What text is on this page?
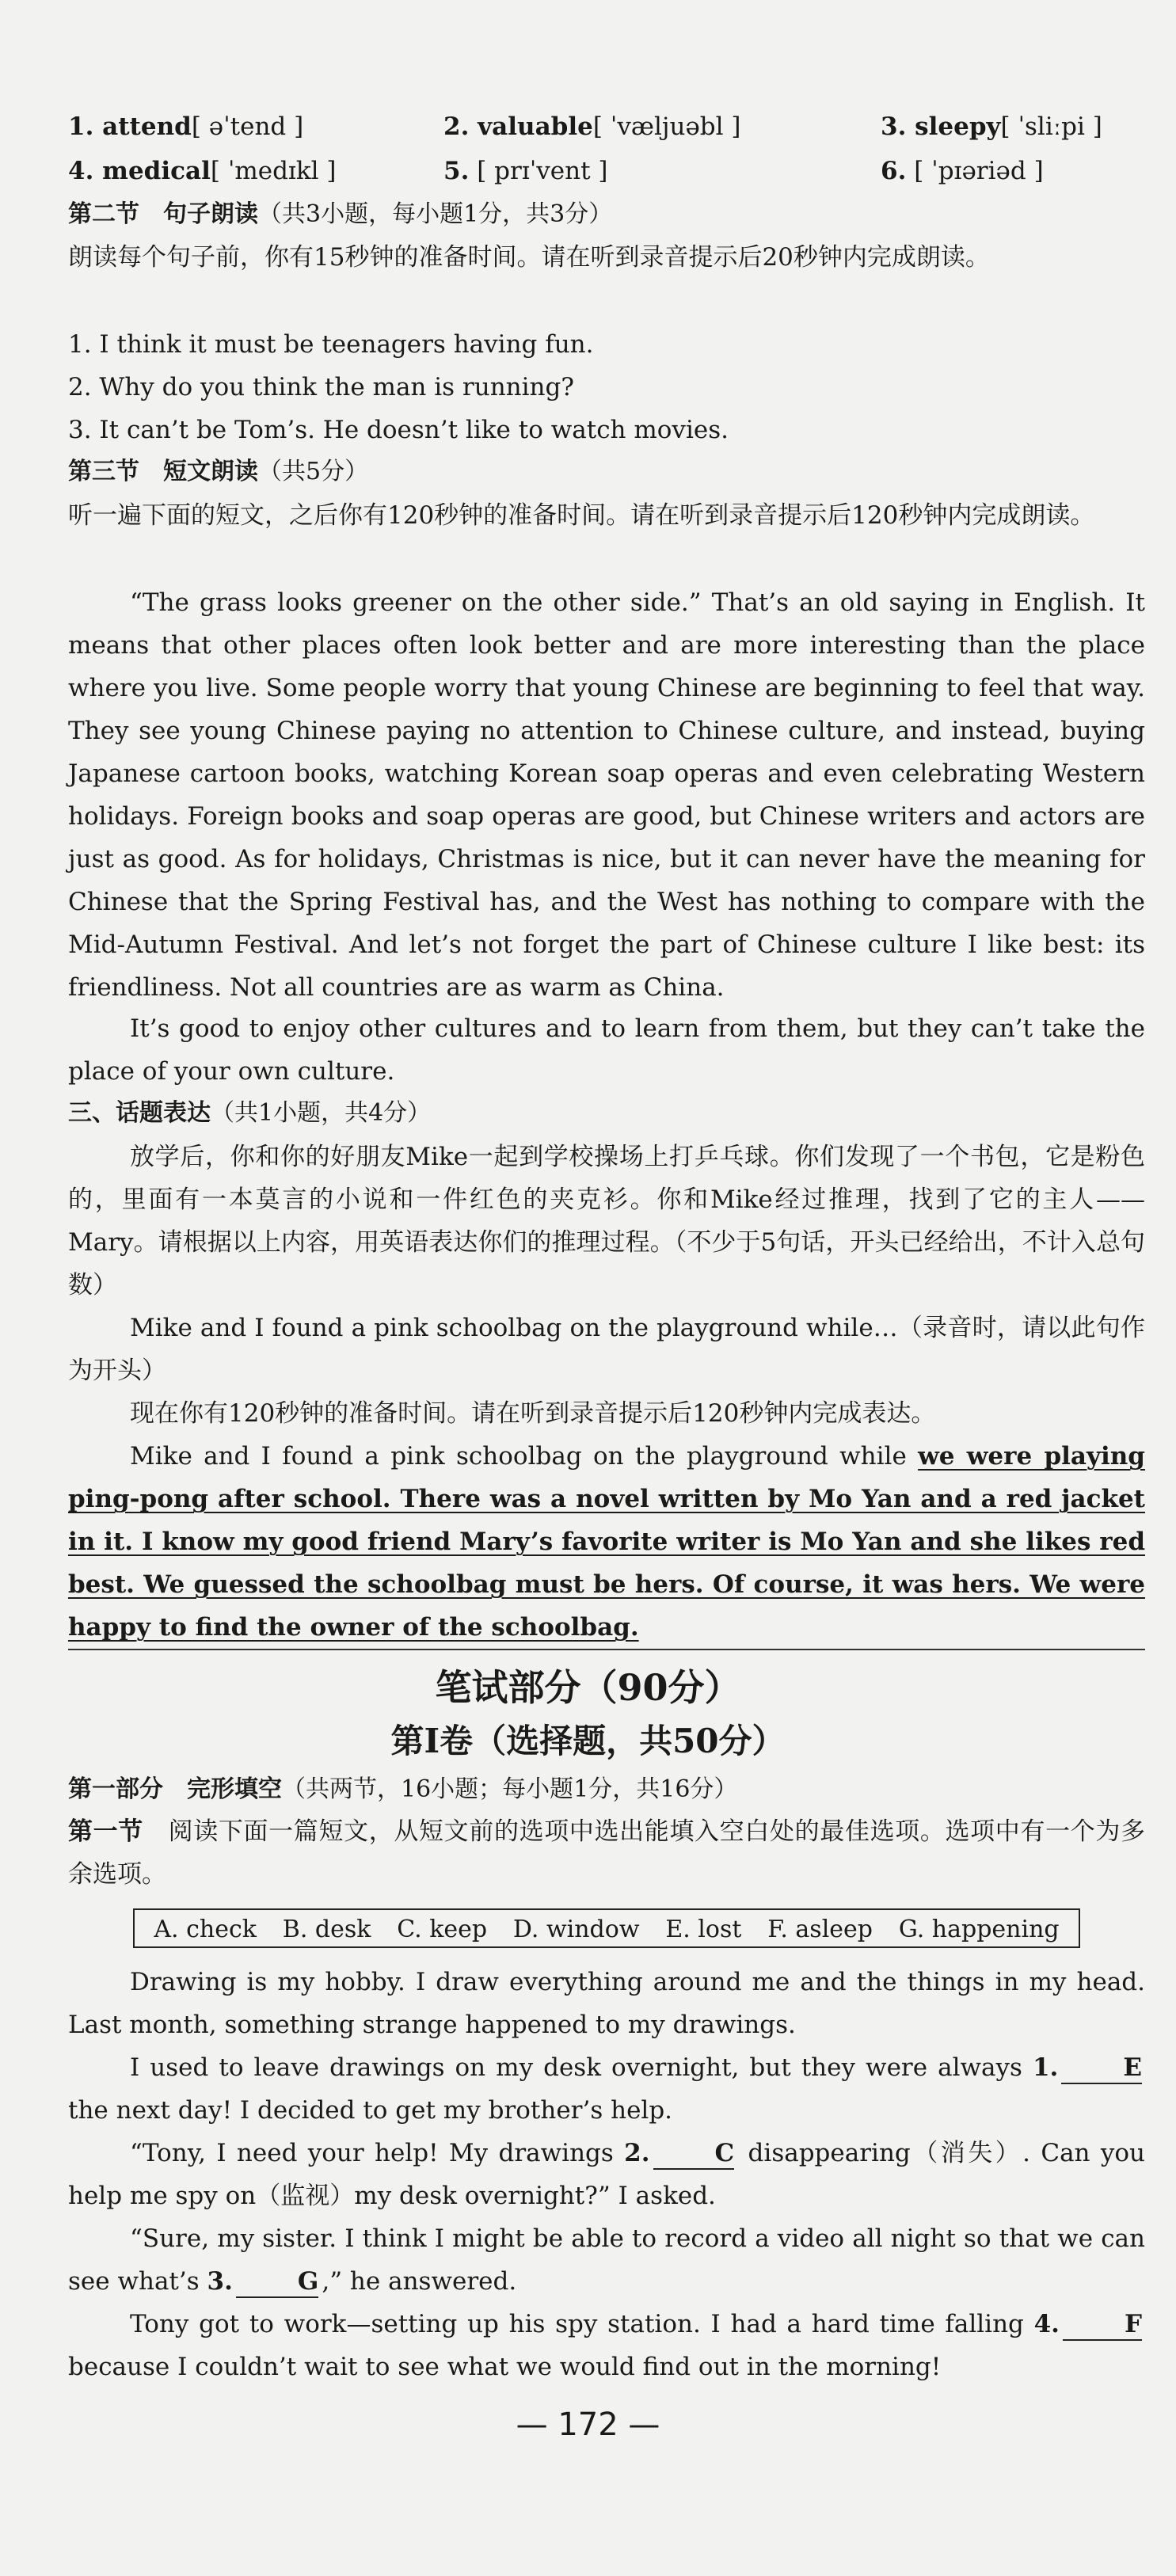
1. attend[ əˈtend ]	2. valuable[ ˈvæljuəbl ]	3. sleepy[ ˈsliːpi ]
4. medical[ ˈmedɪkl ]	5. [ prɪˈvent ]	6. [ ˈpɪəriəd ]
第二节　句子朗读（共3小题，每小题1分，共3分）
朗读每个句子前，你有15秒钟的准备时间。请在听到录音提示后20秒钟内完成朗读。
1. I think it must be teenagers having fun.
2. Why do you think the man is running?
3. It can’t be Tom’s. He doesn’t like to watch movies.
第三节　短文朗读（共5分）
听一遍下面的短文，之后你有120秒钟的准备时间。请在听到录音提示后120秒钟内完成朗读。
“The grass looks greener on the other side.” That’s an old saying in English. It means that other places often look better and are more interesting than the place where you live. Some people worry that young Chinese are beginning to feel that way. They see young Chinese paying no attention to Chinese culture, and instead, buying Japanese cartoon books, watching Korean soap operas and even celebrating Western holidays. Foreign books and soap operas are good, but Chinese writers and actors are just as good. As for holidays, Christmas is nice, but it can never have the meaning for Chinese that the Spring Festival has, and the West has nothing to compare with the Mid-Autumn Festival. And let’s not forget the part of Chinese culture I like best: its friendliness. Not all countries are as warm as China.
It’s good to enjoy other cultures and to learn from them, but they can’t take the place of your own culture.
三、话题表达（共1小题，共4分）
放学后，你和你的好朋友Mike一起到学校操场上打乒乓球。你们发现了一个书包，它是粉色的，里面有一本莫言的小说和一件红色的夹克衫。你和Mike经过推理，找到了它的主人——Mary。请根据以上内容，用英语表达你们的推理过程。（不少于5句话，开头已经给出，不计入总句数）
Mike and I found a pink schoolbag on the playground while…（录音时，请以此句作为开头）
现在你有120秒钟的准备时间。请在听到录音提示后120秒钟内完成表达。
Mike and I found a pink schoolbag on the playground while we were playing ping-pong after school. There was a novel written by Mo Yan and a red jacket in it. I know my good friend Mary’s favorite writer is Mo Yan and she likes red best. We guessed the schoolbag must be hers. Of course, it was hers. We were happy to find the owner of the schoolbag.
笔试部分（90分）
第Ⅰ卷（选择题，共50分）
第一部分　完形填空（共两节，16小题；每小题1分，共16分）
第一节　 阅读下面一篇短文，从短文前的选项中选出能填入空白处的最佳选项。选项中有一个为多余选项。
A. check B. desk C. keep D. window E. lost F. asleep G. happening
Drawing is my hobby. I draw everything around me and the things in my head. Last month, something strange happened to my drawings.
I used to leave drawings on my desk overnight, but they were always 1.	E the next day! I decided to get my brother’s help.
“Tony, I need your help! My drawings 2.	C disappearing（消失）. Can you help me spy on（监视）my desk overnight?” I asked.
“Sure, my sister. I think I might be able to record a video all night so that we can see what’s 3.	G ,” he answered.
Tony got to work—setting up his spy station. I had a hard time falling 4.	F because I couldn’t wait to see what we would find out in the morning!
— 172 —
